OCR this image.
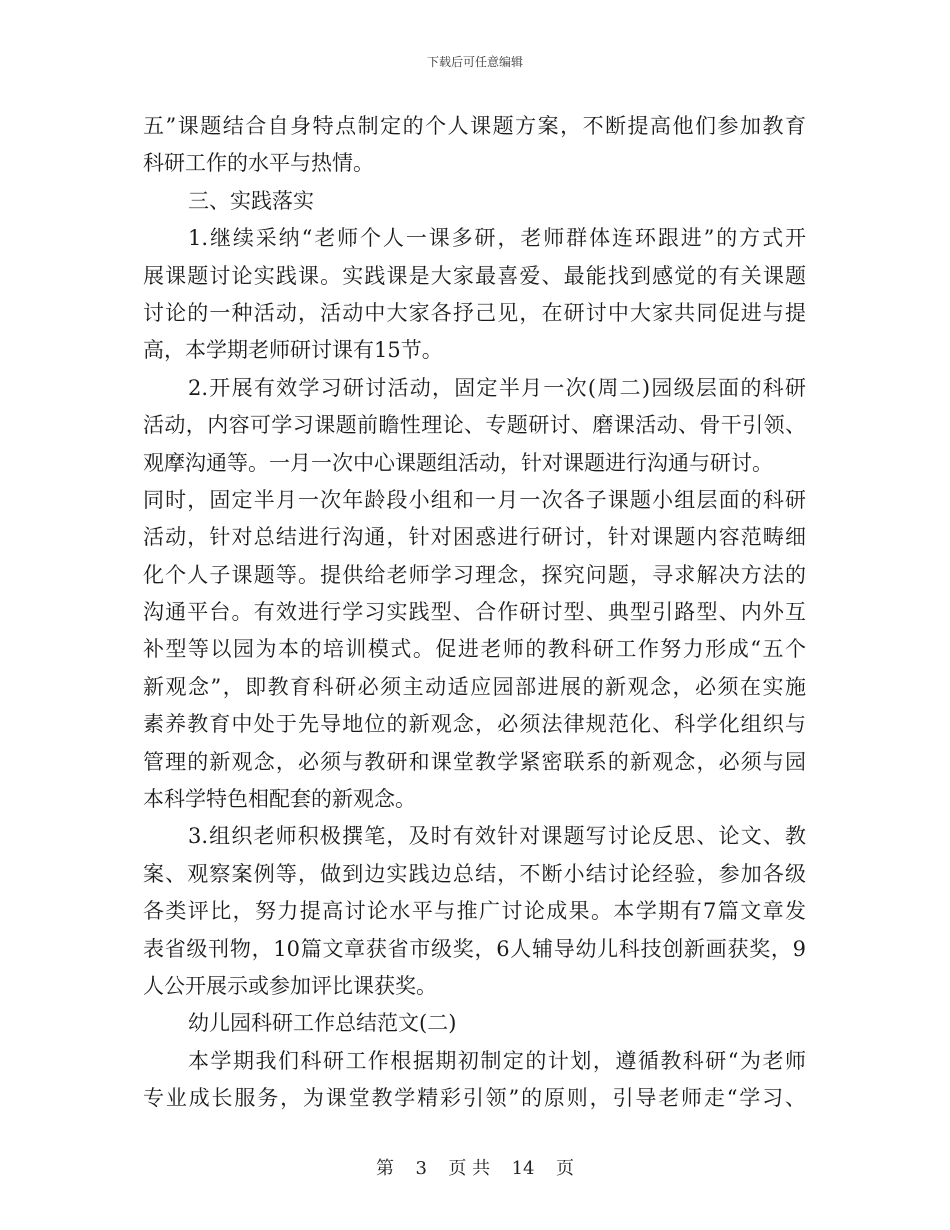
下载后可任意编辑
五”课题结合自身特点制定的个人课题方案，不断提高他们参加教育
科研工作的水平与热情。
三、实践落实
1.继续采纳“老师个人一课多研，老师群体连环跟进”的方式开
展课题讨论实践课。实践课是大家最喜爱、最能找到感觉的有关课题
讨论的一种活动，活动中大家各抒己见，在研讨中大家共同促进与提
高，本学期老师研讨课有15节。
2.开展有效学习研讨活动，固定半月一次(周二)园级层面的科研
活动，内容可学习课题前瞻性理论、专题研讨、磨课活动、骨干引领、
观摩沟通等。一月一次中心课题组活动，针对课题进行沟通与研讨。
同时，固定半月一次年龄段小组和一月一次各子课题小组层面的科研
活动，针对总结进行沟通，针对困惑进行研讨，针对课题内容范畴细
化个人子课题等。提供给老师学习理念，探究问题，寻求解决方法的
沟通平台。有效进行学习实践型、合作研讨型、典型引路型、内外互
补型等以园为本的培训模式。促进老师的教科研工作努力形成“五个
新观念”，即教育科研必须主动适应园部进展的新观念，必须在实施
素养教育中处于先导地位的新观念，必须法律规范化、科学化组织与
管理的新观念，必须与教研和课堂教学紧密联系的新观念，必须与园
本科学特色相配套的新观念。
3.组织老师积极撰笔，及时有效针对课题写讨论反思、论文、教
案、观察案例等，做到边实践边总结，不断小结讨论经验，参加各级
各类评比，努力提高讨论水平与推广讨论成果。本学期有7篇文章发
表省级刊物，10篇文章获省市级奖，6人辅导幼儿科技创新画获奖，9
人公开展示或参加评比课获奖。
幼儿园科研工作总结范文(二)
本学期我们科研工作根据期初制定的计划，遵循教科研“为老师
专业成长服务，为课堂教学精彩引领”的原则，引导老师走“学习、
第 3 页 共 14 页
